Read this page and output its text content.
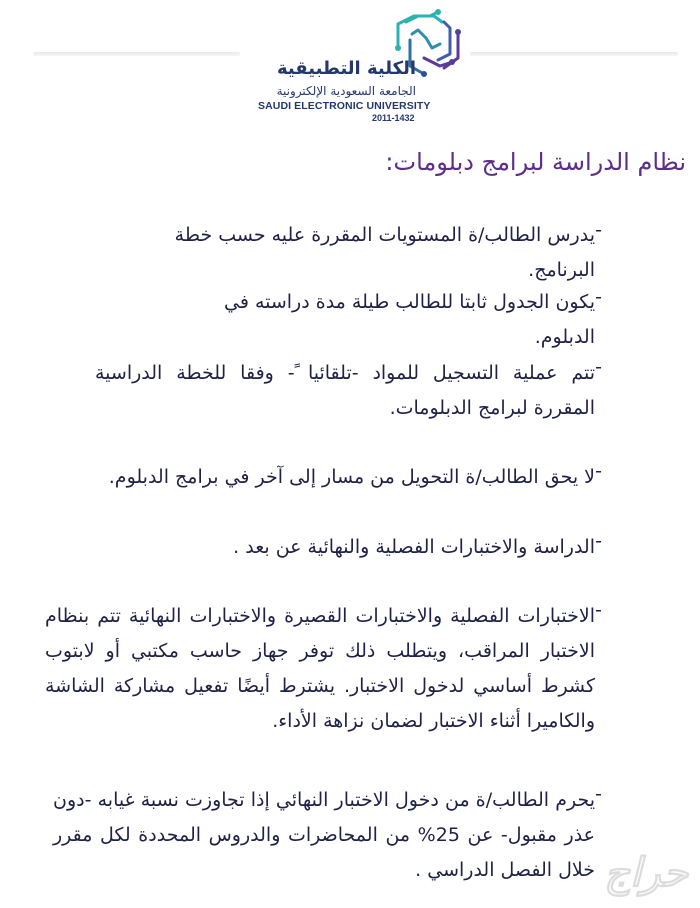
الكلية التطبيقية
الجامعة السعودية الإلكترونية
SAUDI ELECTRONIC UNIVERSITY
2011-1432
نظام الدراسة لبرامج دبلومات:
-
يدرس الطالب/ة المستويات المقررة عليه حسب خطة البرنامج.
-
يكون الجدول ثابتا للطالب طيلة مدة دراسته في الدبلوم.
-
تتم عملية التسجيل للمواد -تلقائيا ً- وفقا للخطة الدراسية المقررة لبرامج الدبلومات.
-
لا يحق الطالب/ة التحويل من مسار إلى آخر في برامج الدبلوم.
-
الدراسة والاختبارات الفصلية والنهائية عن بعد .
-
الاختبارات الفصلية والاختبارات القصيرة والاختبارات النهائية تتم بنظام الاختبار المراقب، ويتطلب ذلك توفر جهاز حاسب مكتبي أو لابتوب كشرط أساسي لدخول الاختبار. يشترط أيضًا تفعيل مشاركة الشاشة والكاميرا أثناء الاختبار لضمان نزاهة الأداء.
-
يحرم الطالب/ة من دخول الاختبار النهائي إذا تجاوزت نسبة غيابه -دون عذر مقبول- عن 25% من المحاضرات والدروس المحددة لكل مقرر خلال الفصل الدراسي . حراج
